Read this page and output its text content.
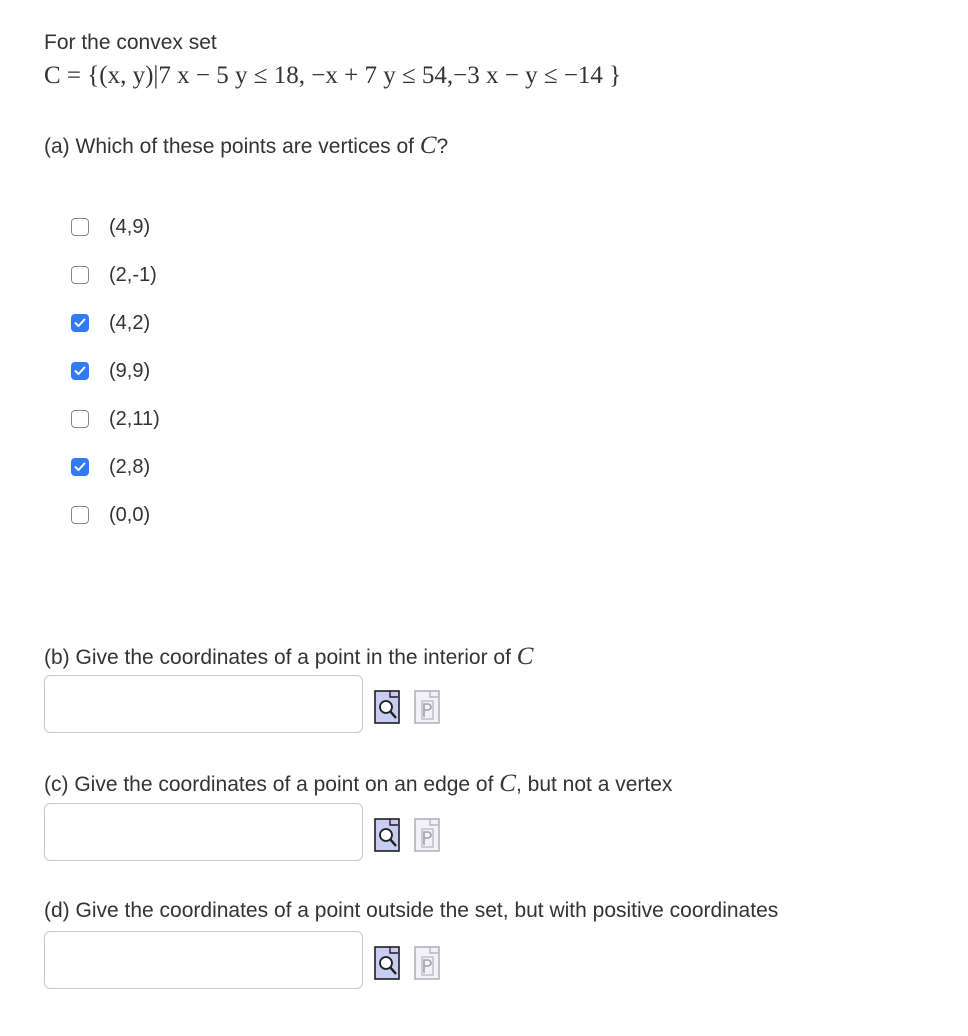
For the convex set
C = {(x, y)|7 x − 5 y ≤ 18, −x + 7 y ≤ 54,−3 x − y ≤ −14 }
(a) Which of these points are vertices of C?
(4,9)
(2,-1)
(4,2)
(9,9)
(2,11)
(2,8)
(0,0)
(b) Give the coordinates of a point in the interior of C
(c) Give the coordinates of a point on an edge of C, but not a vertex
(d) Give the coordinates of a point outside the set, but with positive coordinates
